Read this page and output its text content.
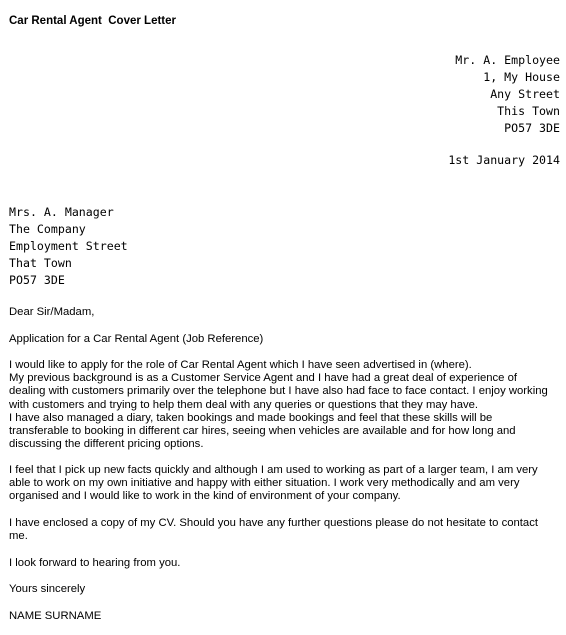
Car Rental Agent  Cover Letter
Mr. A. Employee
1, My House
Any Street
This Town
PO57 3DE
1st January 2014
Mrs. A. Manager
The Company
Employment Street
That Town
PO57 3DE

Dear Sir/Madam,

Application for a Car Rental Agent (Job Reference)

I would like to apply for the role of Car Rental Agent which I have seen advertised in (where).
My previous background is as a Customer Service Agent and I have had a great deal of experience of
dealing with customers primarily over the telephone but I have also had face to face contact. I enjoy working
with customers and trying to help them deal with any queries or questions that they may have.
I have also managed a diary, taken bookings and made bookings and feel that these skills will be
transferable to booking in different car hires, seeing when vehicles are available and for how long and
discussing the different pricing options.

I feel that I pick up new facts quickly and although I am used to working as part of a larger team, I am very
able to work on my own initiative and happy with either situation. I work very methodically and am very
organised and I would like to work in the kind of environment of your company.

I have enclosed a copy of my CV. Should you have any further questions please do not hesitate to contact
me.

I look forward to hearing from you.

Yours sincerely

NAME SURNAME
